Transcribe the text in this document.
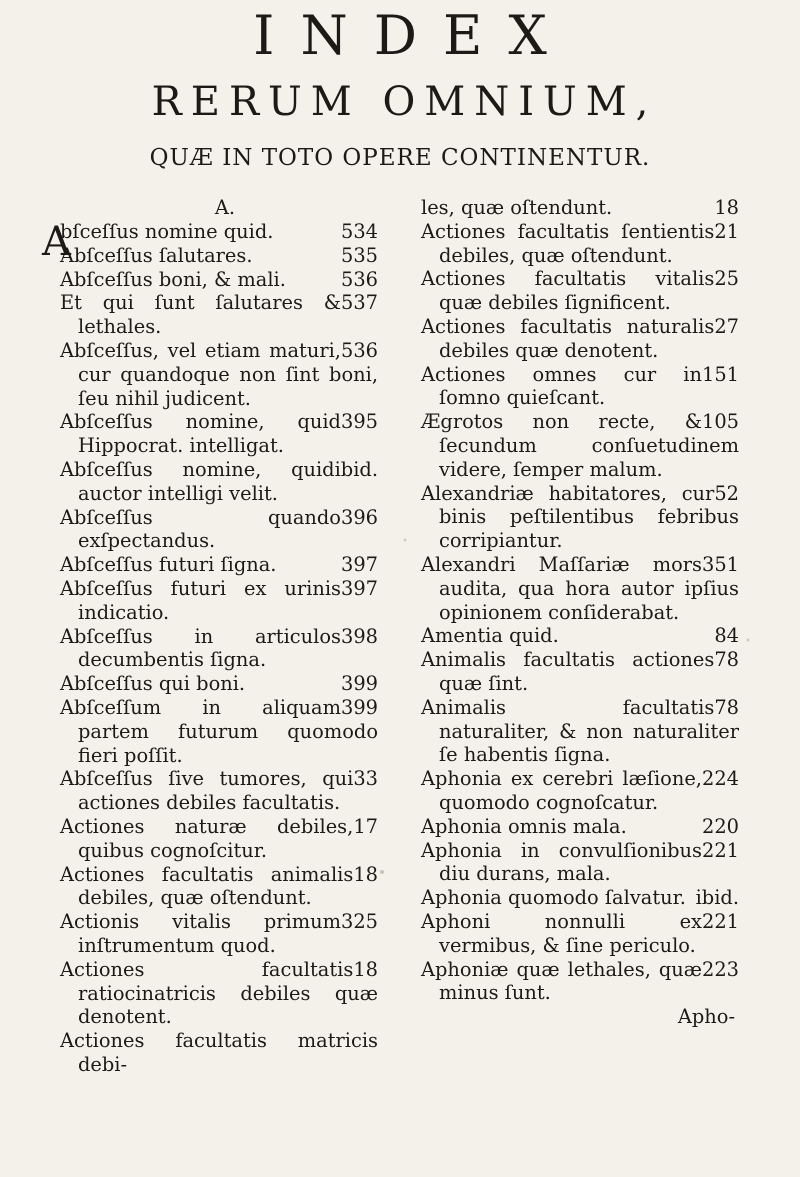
INDEX
RERUM OMNIUM,
QUÆ IN TOTO OPERE CONTINENTUR.
A.

534
Abſceſſus nomine quid.

535
Abſceſſus ſalutares.

536
Abſceſſus boni, & mali.

537
Et qui ſunt ſalutares & lethales.

536
Abſceſſus, vel etiam maturi, cur quandoque non ſint boni, ſeu nihil judicent.

395
Abſceſſus nomine, quid Hippocrat. intelligat.

ibid.
Abſceſſus nomine, quid auctor intelligi velit.

396
Abſceſſus quando exſpectandus.

397
Abſceſſus futuri ſigna.

397
Abſceſſus futuri ex urinis indicatio.

398
Abſceſſus in articulos decumbentis ſigna.

399
Abſceſſus qui boni.

399
Abſceſſum in aliquam partem futurum quomodo fieri poſſit.

33
Abſceſſus ſive tumores, qui actiones debiles facultatis.

17
Actiones naturæ debiles, quibus cognoſcitur.

18
Actiones facultatis animalis debiles, quæ oſtendunt.

325
Actionis vitalis primum inſtrumentum quod.

18
Actiones facultatis ratiocinatricis debiles quæ denotent.

Actiones facultatis matricis debi-

18
les, quæ oſtendunt.

21
Actiones facultatis ſentientis debiles, quæ oſtendunt.

25
Actiones facultatis vitalis quæ debiles ſignificent.

27
Actiones facultatis naturalis debiles quæ denotent.

151
Actiones omnes cur in ſomno quieſcant.

105
Ægrotos non recte, & ſecundum conſuetudinem videre, ſemper malum.

52
Alexandriæ habitatores, cur binis peſtilentibus febribus corripiantur.

351
Alexandri Maſſariæ mors audita, qua hora autor ipſius opinionem conſiderabat.

84
Amentia quid.

78
Animalis facultatis actiones quæ ſint.

78
Animalis facultatis naturaliter, & non naturaliter ſe habentis ſigna.

224
Aphonia ex cerebri læſione, quomodo cognoſcatur.

220
Aphonia omnis mala.

221
Aphonia in convulſionibus diu durans, mala.

ibid.
Aphonia quomodo ſalvatur.

221
Aphoni nonnulli ex vermibus, & ſine periculo.

223
Aphoniæ quæ lethales, quæ minus ſunt.

Apho-
